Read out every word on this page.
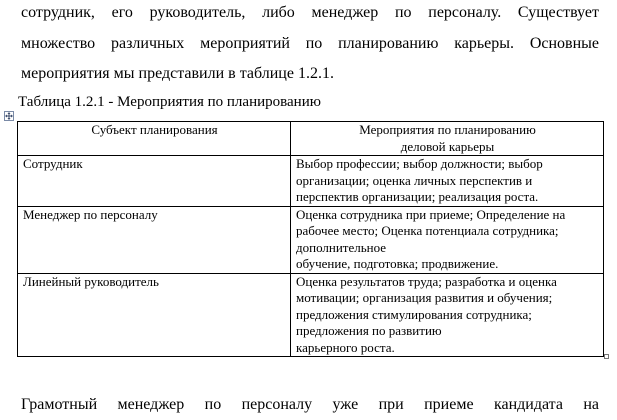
сотрудник, его руководитель, либо менеджер по персоналу. Существует
множество различных мероприятий по планированию карьеры. Основные
мероприятия мы представили в таблице 1.2.1.
Таблица 1.2.1 - Мероприятия по планированию
Субъект планирования	Мероприятия по планированию
деловой карьеры

Сотрудник	Выбор профессии; выбор должности; выбор
организации; оценка личных перспектив и
перспектив организации; реализация роста.

Менеджер по персоналу	Оценка сотрудника при приеме; Определение на
рабочее место; Оценка потенциала сотрудника;
дополнительное
обучение, подготовка; продвижение.

Линейный руководитель	Оценка результатов труда; разработка и оценка
мотивации; организация развития и обучения;
предложения стимулирования сотрудника;
предложения по развитию
карьерного роста.
Грамотный менеджер по персоналу уже при приеме кандидата на
